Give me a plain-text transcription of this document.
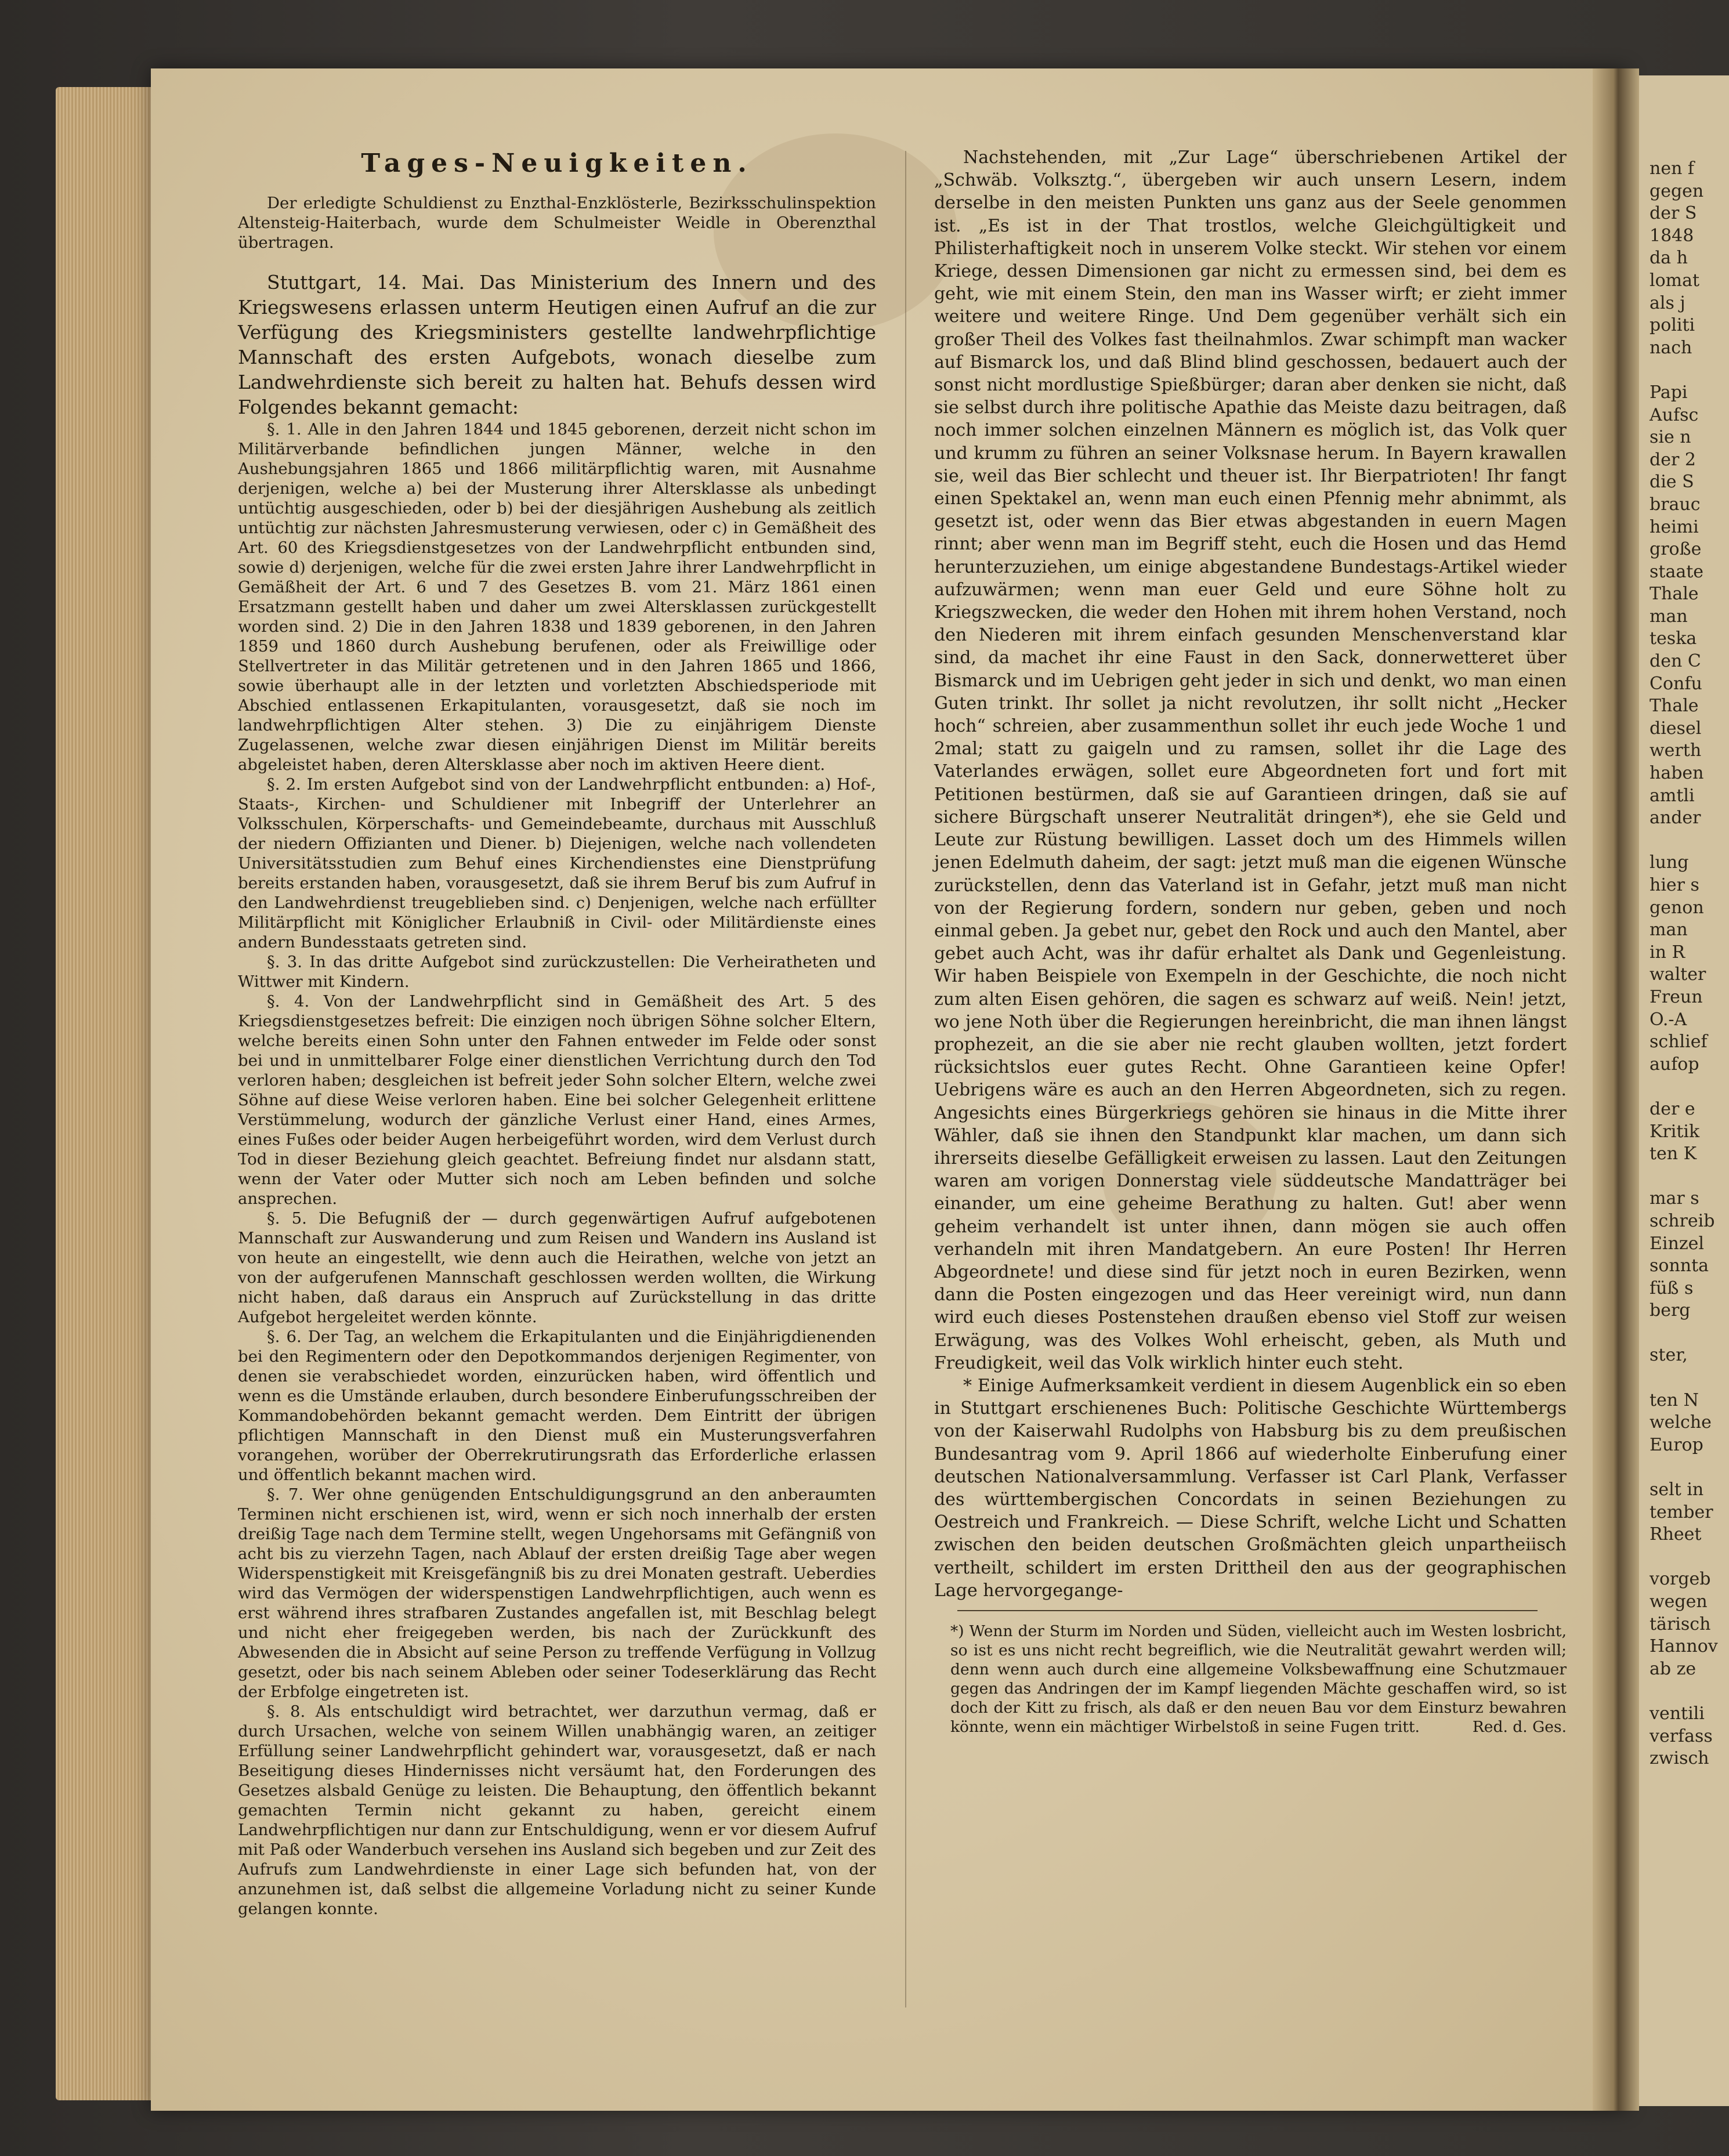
nen f
gegen
der S
1848
da h
lomat
als j
politi
nach

Papi
Aufsc
sie n
der 2
die S
brauc
heimi
große
staate
Thale
man
teska
den C
Confu
Thale
diesel
werth
haben
amtli
ander

lung
hier s
genon
man
in R
walter
Freun
O.-A
schlief
aufop

der e
Kritik
ten K

mar s
schreib
Einzel
sonnta
füß s
berg

ster,

ten N
welche
Europ

selt in
tember
Rheet

vorgeb
wegen
tärisch
Hannov
ab ze

ventili
verfass
zwisch

Tages-Neuigkeiten.

Der erledigte Schuldienst zu Enzthal-Enzklösterle, Bezirksschulinspektion Altensteig-Haiterbach, wurde dem Schulmeister Weidle in Oberenzthal übertragen.

Stuttgart, 14. Mai. Das Ministerium des Innern und des Kriegswesens erlassen unterm Heutigen einen Aufruf an die zur Verfügung des Kriegsministers gestellte landwehrpflichtige Mannschaft des ersten Aufgebots, wonach dieselbe zum Landwehrdienste sich bereit zu halten hat. Behufs dessen wird Folgendes bekannt gemacht:

§. 1. Alle in den Jahren 1844 und 1845 geborenen, derzeit nicht schon im Militärverbande befindlichen jungen Männer, welche in den Aushebungsjahren 1865 und 1866 militärpflichtig waren, mit Ausnahme derjenigen, welche a) bei der Musterung ihrer Altersklasse als unbedingt untüchtig ausgeschieden, oder b) bei der diesjährigen Aushebung als zeitlich untüchtig zur nächsten Jahresmusterung verwiesen, oder c) in Gemäßheit des Art. 60 des Kriegsdienstgesetzes von der Landwehrpflicht entbunden sind, sowie d) derjenigen, welche für die zwei ersten Jahre ihrer Landwehrpflicht in Gemäßheit der Art. 6 und 7 des Gesetzes B. vom 21. März 1861 einen Ersatzmann gestellt haben und daher um zwei Altersklassen zurückgestellt worden sind. 2) Die in den Jahren 1838 und 1839 geborenen, in den Jahren 1859 und 1860 durch Aushebung berufenen, oder als Freiwillige oder Stellvertreter in das Militär getretenen und in den Jahren 1865 und 1866, sowie überhaupt alle in der letzten und vorletzten Abschiedsperiode mit Abschied entlassenen Erkapitulanten, vorausgesetzt, daß sie noch im landwehrpflichtigen Alter stehen. 3) Die zu einjährigem Dienste Zugelassenen, welche zwar diesen einjährigen Dienst im Militär bereits abgeleistet haben, deren Altersklasse aber noch im aktiven Heere dient.

§. 2. Im ersten Aufgebot sind von der Landwehrpflicht entbunden: a) Hof-, Staats-, Kirchen- und Schuldiener mit Inbegriff der Unterlehrer an Volksschulen, Körperschafts- und Gemeindebeamte, durchaus mit Ausschluß der niedern Offizianten und Diener. b) Diejenigen, welche nach vollendeten Universitätsstudien zum Behuf eines Kirchendienstes eine Dienstprüfung bereits erstanden haben, vorausgesetzt, daß sie ihrem Beruf bis zum Aufruf in den Landwehrdienst treugeblieben sind. c) Denjenigen, welche nach erfüllter Militärpflicht mit Königlicher Erlaubniß in Civil- oder Militärdienste eines andern Bundesstaats getreten sind.

§. 3. In das dritte Aufgebot sind zurückzustellen: Die Verheiratheten und Wittwer mit Kindern.

§. 4. Von der Landwehrpflicht sind in Gemäßheit des Art. 5 des Kriegsdienstgesetzes befreit: Die einzigen noch übrigen Söhne solcher Eltern, welche bereits einen Sohn unter den Fahnen entweder im Felde oder sonst bei und in unmittelbarer Folge einer dienstlichen Verrichtung durch den Tod verloren haben; desgleichen ist befreit jeder Sohn solcher Eltern, welche zwei Söhne auf diese Weise verloren haben. Eine bei solcher Gelegenheit erlittene Verstümmelung, wodurch der gänzliche Verlust einer Hand, eines Armes, eines Fußes oder beider Augen herbeigeführt worden, wird dem Verlust durch Tod in dieser Beziehung gleich geachtet. Befreiung findet nur alsdann statt, wenn der Vater oder Mutter sich noch am Leben befinden und solche ansprechen.

§. 5. Die Befugniß der — durch gegenwärtigen Aufruf aufgebotenen Mannschaft zur Auswanderung und zum Reisen und Wandern ins Ausland ist von heute an eingestellt, wie denn auch die Heirathen, welche von jetzt an von der aufgerufenen Mannschaft geschlossen werden wollten, die Wirkung nicht haben, daß daraus ein Anspruch auf Zurückstellung in das dritte Aufgebot hergeleitet werden könnte.

§. 6. Der Tag, an welchem die Erkapitulanten und die Einjährigdienenden bei den Regimentern oder den Depotkommandos derjenigen Regimenter, von denen sie verabschiedet worden, einzurücken haben, wird öffentlich und wenn es die Umstände erlauben, durch besondere Einberufungsschreiben der Kommandobehörden bekannt gemacht werden. Dem Eintritt der übrigen pflichtigen Mannschaft in den Dienst muß ein Musterungsverfahren vorangehen, worüber der Oberrekrutirungsrath das Erforderliche erlassen und öffentlich bekannt machen wird.

§. 7. Wer ohne genügenden Entschuldigungsgrund an den anberaumten Terminen nicht erschienen ist, wird, wenn er sich noch innerhalb der ersten dreißig Tage nach dem Termine stellt, wegen Ungehorsams mit Gefängniß von acht bis zu vierzehn Tagen, nach Ablauf der ersten dreißig Tage aber wegen Widerspenstigkeit mit Kreisgefängniß bis zu drei Monaten gestraft. Ueberdies wird das Vermögen der widerspenstigen Landwehrpflichtigen, auch wenn es erst während ihres strafbaren Zustandes angefallen ist, mit Beschlag belegt und nicht eher freigegeben werden, bis nach der Zurückkunft des Abwesenden die in Absicht auf seine Person zu treffende Verfügung in Vollzug gesetzt, oder bis nach seinem Ableben oder seiner Todeserklärung das Recht der Erbfolge eingetreten ist.

§. 8. Als entschuldigt wird betrachtet, wer darzuthun vermag, daß er durch Ursachen, welche von seinem Willen unabhängig waren, an zeitiger Erfüllung seiner Landwehrpflicht gehindert war, vorausgesetzt, daß er nach Beseitigung dieses Hindernisses nicht versäumt hat, den Forderungen des Gesetzes alsbald Genüge zu leisten. Die Behauptung, den öffentlich bekannt gemachten Termin nicht gekannt zu haben, gereicht einem Landwehrpflichtigen nur dann zur Entschuldigung, wenn er vor diesem Aufruf mit Paß oder Wanderbuch versehen ins Ausland sich begeben und zur Zeit des Aufrufs zum Landwehrdienste in einer Lage sich befunden hat, von der anzunehmen ist, daß selbst die allgemeine Vorladung nicht zu seiner Kunde gelangen konnte.

Nachstehenden, mit „Zur Lage“ überschriebenen Artikel der „Schwäb. Volksztg.“, übergeben wir auch unsern Lesern, indem derselbe in den meisten Punkten uns ganz aus der Seele genommen ist. „Es ist in der That trostlos, welche Gleichgültigkeit und Philisterhaftigkeit noch in unserem Volke steckt. Wir stehen vor einem Kriege, dessen Dimensionen gar nicht zu ermessen sind, bei dem es geht, wie mit einem Stein, den man ins Wasser wirft; er zieht immer weitere und weitere Ringe. Und Dem gegenüber verhält sich ein großer Theil des Volkes fast theilnahmlos. Zwar schimpft man wacker auf Bismarck los, und daß Blind blind geschossen, bedauert auch der sonst nicht mordlustige Spießbürger; daran aber denken sie nicht, daß sie selbst durch ihre politische Apathie das Meiste dazu beitragen, daß noch immer solchen einzelnen Männern es möglich ist, das Volk quer und krumm zu führen an seiner Volksnase herum. In Bayern krawallen sie, weil das Bier schlecht und theuer ist. Ihr Bierpatrioten! Ihr fangt einen Spektakel an, wenn man euch einen Pfennig mehr abnimmt, als gesetzt ist, oder wenn das Bier etwas abgestanden in euern Magen rinnt; aber wenn man im Begriff steht, euch die Hosen und das Hemd herunterzuziehen, um einige abgestandene Bundestags-Artikel wieder aufzuwärmen; wenn man euer Geld und eure Söhne holt zu Kriegszwecken, die weder den Hohen mit ihrem hohen Verstand, noch den Niederen mit ihrem einfach gesunden Menschenverstand klar sind, da machet ihr eine Faust in den Sack, donnerwetteret über Bismarck und im Uebrigen geht jeder in sich und denkt, wo man einen Guten trinkt. Ihr sollet ja nicht revolutzen, ihr sollt nicht „Hecker hoch“ schreien, aber zusammenthun sollet ihr euch jede Woche 1 und 2mal; statt zu gaigeln und zu ramsen, sollet ihr die Lage des Vaterlandes erwägen, sollet eure Abgeordneten fort und fort mit Petitionen bestürmen, daß sie auf Garantieen dringen, daß sie auf sichere Bürgschaft unserer Neutralität dringen*), ehe sie Geld und Leute zur Rüstung bewilligen. Lasset doch um des Himmels willen jenen Edelmuth daheim, der sagt: jetzt muß man die eigenen Wünsche zurückstellen, denn das Vaterland ist in Gefahr, jetzt muß man nicht von der Regierung fordern, sondern nur geben, geben und noch einmal geben. Ja gebet nur, gebet den Rock und auch den Mantel, aber gebet auch Acht, was ihr dafür erhaltet als Dank und Gegenleistung. Wir haben Beispiele von Exempeln in der Geschichte, die noch nicht zum alten Eisen gehören, die sagen es schwarz auf weiß. Nein! jetzt, wo jene Noth über die Regierungen hereinbricht, die man ihnen längst prophezeit, an die sie aber nie recht glauben wollten, jetzt fordert rücksichtslos euer gutes Recht. Ohne Garantieen keine Opfer! Uebrigens wäre es auch an den Herren Abgeordneten, sich zu regen. Angesichts eines Bürgerkriegs gehören sie hinaus in die Mitte ihrer Wähler, daß sie ihnen den Standpunkt klar machen, um dann sich ihrerseits dieselbe Gefälligkeit erweisen zu lassen. Laut den Zeitungen waren am vorigen Donnerstag viele süddeutsche Mandatträger bei einander, um eine geheime Berathung zu halten. Gut! aber wenn geheim verhandelt ist unter ihnen, dann mögen sie auch offen verhandeln mit ihren Mandatgebern. An eure Posten! Ihr Herren Abgeordnete! und diese sind für jetzt noch in euren Bezirken, wenn dann die Posten eingezogen und das Heer vereinigt wird, nun dann wird euch dieses Postenstehen draußen ebenso viel Stoff zur weisen Erwägung, was des Volkes Wohl erheischt, geben, als Muth und Freudigkeit, weil das Volk wirklich hinter euch steht.

* Einige Aufmerksamkeit verdient in diesem Augenblick ein so eben in Stuttgart erschienenes Buch: Politische Geschichte Württembergs von der Kaiserwahl Rudolphs von Habsburg bis zu dem preußischen Bundesantrag vom 9. April 1866 auf wiederholte Einberufung einer deutschen Nationalversammlung. Verfasser ist Carl Plank, Verfasser des württembergischen Concordats in seinen Beziehungen zu Oestreich und Frankreich. — Diese Schrift, welche Licht und Schatten zwischen den beiden deutschen Großmächten gleich unpartheiisch vertheilt, schildert im ersten Drittheil den aus der geographischen Lage hervorgegange-

*) Wenn der Sturm im Norden und Süden, vielleicht auch im Westen losbricht, so ist es uns nicht recht begreiflich, wie die Neutralität gewahrt werden will; denn wenn auch durch eine allgemeine Volksbewaffnung eine Schutzmauer gegen das Andringen der im Kampf liegenden Mächte geschaffen wird, so ist doch der Kitt zu frisch, als daß er den neuen Bau vor dem Einsturz bewahren könnte, wenn ein mächtiger Wirbelstoß in seine Fugen tritt.	Red. d. Ges.
